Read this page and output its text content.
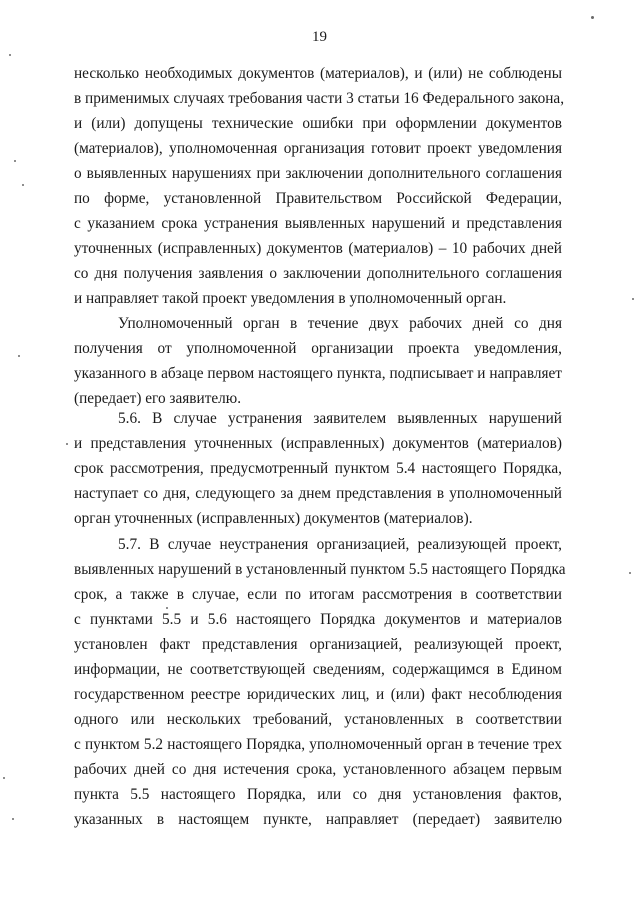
19
несколько необходимых документов (материалов), и (или) не соблюдены
в применимых случаях требования части 3 статьи 16 Федерального закона,
и (или) допущены технические ошибки при оформлении документов
(материалов), уполномоченная организация готовит проект уведомления
о выявленных нарушениях при заключении дополнительного соглашения
по форме, установленной Правительством Российской Федерации,
с указанием срока устранения выявленных нарушений и представления
уточненных (исправленных) документов (материалов) – 10 рабочих дней
со дня получения заявления о заключении дополнительного соглашения
и направляет такой проект уведомления в уполномоченный орган.
Уполномоченный орган в течение двух рабочих дней со дня
получения от уполномоченной организации проекта уведомления,
указанного в абзаце первом настоящего пункта, подписывает и направляет
(передает) его заявителю.
5.6. В случае устранения заявителем выявленных нарушений
и представления уточненных (исправленных) документов (материалов)
срок рассмотрения, предусмотренный пунктом 5.4 настоящего Порядка,
наступает со дня, следующего за днем представления в уполномоченный
орган уточненных (исправленных) документов (материалов).
5.7. В случае неустранения организацией, реализующей проект,
выявленных нарушений в установленный пунктом 5.5 настоящего Порядка
срок, а также в случае, если по итогам рассмотрения в соответствии
с пунктами 5.5 и 5.6 настоящего Порядка документов и материалов
установлен факт представления организацией, реализующей проект,
информации, не соответствующей сведениям, содержащимся в Едином
государственном реестре юридических лиц, и (или) факт несоблюдения
одного или нескольких требований, установленных в соответствии
с пунктом 5.2 настоящего Порядка, уполномоченный орган в течение трех
рабочих дней со дня истечения срока, установленного абзацем первым
пункта 5.5 настоящего Порядка, или со дня установления фактов,
указанных в настоящем пункте, направляет (передает) заявителю
